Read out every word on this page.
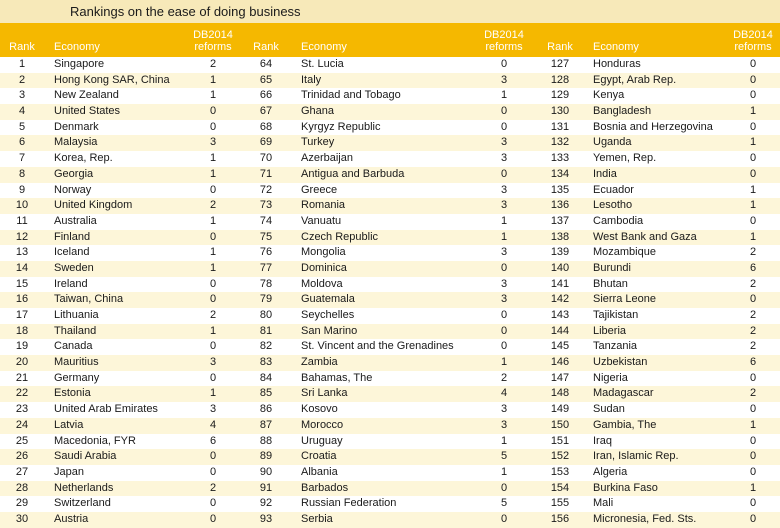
Rankings on the ease of doing business
Rank	Economy
DB2014
reforms
1	Singapore	2
2	Hong Kong SAR, China	1
3	New Zealand	1
4	United States	0
5	Denmark	0
6	Malaysia	3
7	Korea, Rep.	1
8	Georgia	1
9	Norway	0
10	United Kingdom	2
11	Australia	1
12	Finland	0
13	Iceland	1
14	Sweden	1
15	Ireland	0
16	Taiwan, China	0
17	Lithuania	2
18	Thailand	1
19	Canada	0
20	Mauritius	3
21	Germany	0
22	Estonia	1
23	United Arab Emirates	3
24	Latvia	4
25	Macedonia, FYR	6
26	Saudi Arabia	0
27	Japan	0
28	Netherlands	2
29	Switzerland	0
30	Austria	0
Rank	Economy
DB2014
reforms
64	St. Lucia	0
65	Italy	3
66	Trinidad and Tobago	1
67	Ghana	0
68	Kyrgyz Republic	0
69	Turkey	3
70	Azerbaijan	3
71	Antigua and Barbuda	0
72	Greece	3
73	Romania	3
74	Vanuatu	1
75	Czech Republic	1
76	Mongolia	3
77	Dominica	0
78	Moldova	3
79	Guatemala	3
80	Seychelles	0
81	San Marino	0
82	St. Vincent and the Grenadines	0
83	Zambia	1
84	Bahamas, The	2
85	Sri Lanka	4
86	Kosovo	3
87	Morocco	3
88	Uruguay	1
89	Croatia	5
90	Albania	1
91	Barbados	0
92	Russian Federation	5
93	Serbia	0
Rank	Economy
DB2014
reforms
127	Honduras	0
128	Egypt, Arab Rep.	0
129	Kenya	0
130	Bangladesh	1
131	Bosnia and Herzegovina	0
132	Uganda	1
133	Yemen, Rep.	0
134	India	0
135	Ecuador	1
136	Lesotho	1
137	Cambodia	0
138	West Bank and Gaza	1
139	Mozambique	2
140	Burundi	6
141	Bhutan	2
142	Sierra Leone	0
143	Tajikistan	2
144	Liberia	2
145	Tanzania	2
146	Uzbekistan	6
147	Nigeria	0
148	Madagascar	2
149	Sudan	0
150	Gambia, The	1
151	Iraq	0
152	Iran, Islamic Rep.	0
153	Algeria	0
154	Burkina Faso	1
155	Mali	0
156	Micronesia, Fed. Sts.	0
